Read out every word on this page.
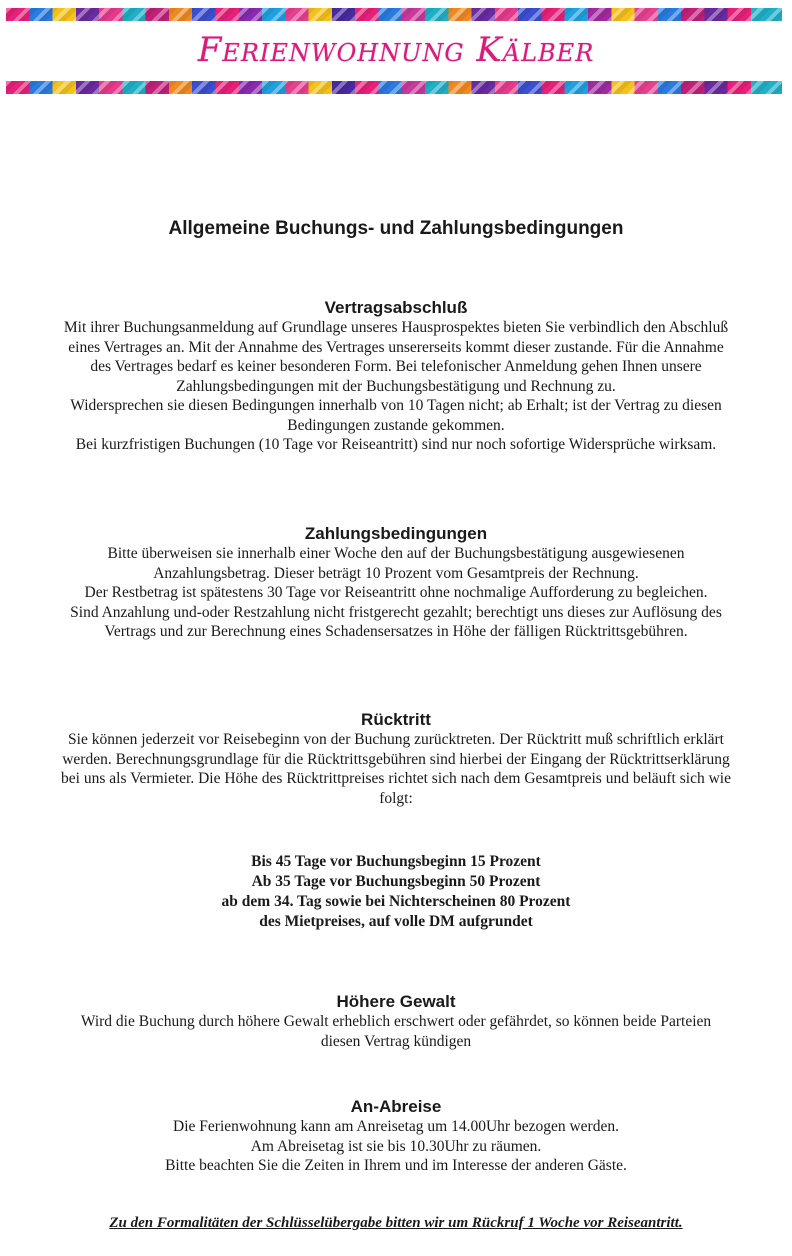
Ferienwohnung Kälber
Allgemeine Buchungs- und Zahlungsbedingungen
Vertragsabschluß
Mit ihrer Buchungsanmeldung auf Grundlage unseres Hausprospektes bieten Sie verbindlich den Abschluß
eines Vertrages an. Mit der Annahme des Vertrages unsererseits kommt dieser zustande. Für die Annahme
des Vertrages bedarf es keiner besonderen Form. Bei telefonischer Anmeldung gehen Ihnen unsere
Zahlungsbedingungen mit der Buchungsbestätigung und Rechnung zu.
Widersprechen sie diesen Bedingungen innerhalb von 10 Tagen nicht; ab Erhalt; ist der Vertrag zu diesen
Bedingungen zustande gekommen.
Bei kurzfristigen Buchungen (10 Tage vor Reiseantritt) sind nur noch sofortige Widersprüche wirksam.
Zahlungsbedingungen
Bitte überweisen sie innerhalb einer Woche den auf der Buchungsbestätigung ausgewiesenen
Anzahlungsbetrag. Dieser beträgt 10 Prozent vom Gesamtpreis der Rechnung.
Der Restbetrag ist spätestens 30 Tage vor Reiseantritt ohne nochmalige Aufforderung zu begleichen.
Sind Anzahlung und-oder Restzahlung nicht fristgerecht gezahlt; berechtigt uns dieses zur Auflösung des
Vertrags und zur Berechnung eines Schadensersatzes in Höhe der fälligen Rücktrittsgebühren.
Rücktritt
Sie können jederzeit vor Reisebeginn von der Buchung zurücktreten. Der Rücktritt muß schriftlich erklärt
werden. Berechnungsgrundlage für die Rücktrittsgebühren sind hierbei der Eingang der Rücktrittserklärung
bei uns als Vermieter. Die Höhe des Rücktrittpreises richtet sich nach dem Gesamtpreis und beläuft sich wie
folgt:
Bis 45 Tage vor Buchungsbeginn 15 Prozent
Ab 35 Tage vor Buchungsbeginn 50 Prozent
ab dem 34. Tag sowie bei Nichterscheinen 80 Prozent
des Mietpreises, auf volle DM aufgrundet
Höhere Gewalt
Wird die Buchung durch höhere Gewalt erheblich erschwert oder gefährdet, so können beide Parteien
diesen Vertrag kündigen
An-Abreise
Die Ferienwohnung kann am Anreisetag um 14.00Uhr bezogen werden.
Am Abreisetag ist sie bis 10.30Uhr zu räumen.
Bitte beachten Sie die Zeiten in Ihrem und im Interesse der anderen Gäste.
Zu den Formalitäten der Schlüsselübergabe bitten wir um Rückruf 1 Woche vor Reiseantritt.
